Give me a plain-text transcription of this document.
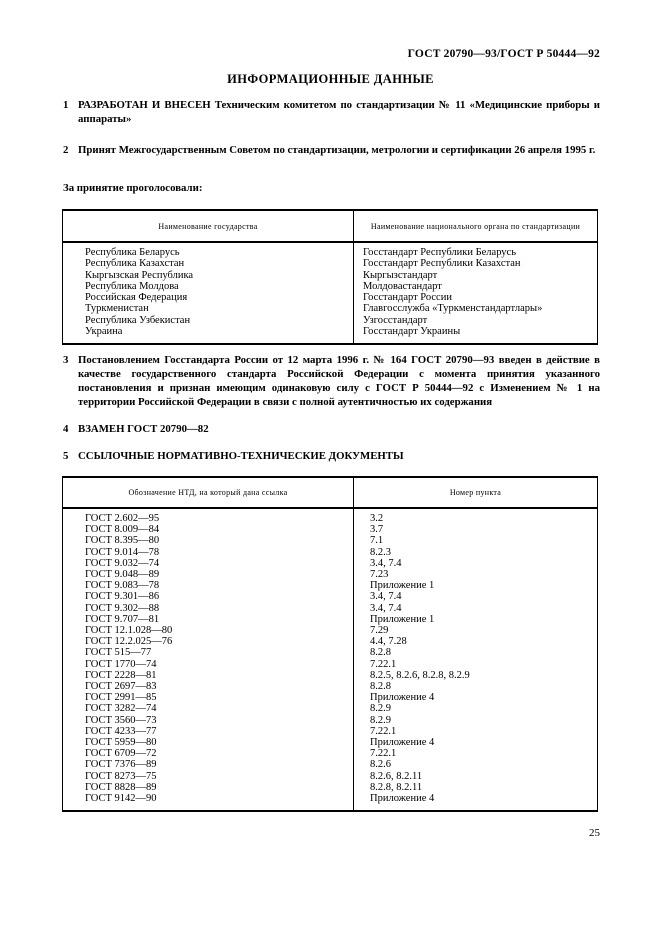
ГОСТ 20790—93/ГОСТ Р 50444—92
ИНФОРМАЦИОННЫЕ ДАННЫЕ
1 РАЗРАБОТАН И ВНЕСЕН Техническим комитетом по стандартизации № 11 «Медицинские приборы и аппараты»
2 Принят Межгосударственным Советом по стандартизации, метрологии и сертификации 26 апреля 1995 г.
За принятие проголосовали:
Наименование государства	Наименование национального органа по стандартизации
Республика Беларусь	Госстандарт Республики Беларусь
Республика Казахстан	Госстандарт Республики Казахстан
Кыргызская Республика	Кыргызстандарт
Республика Молдова	Молдовастандарт
Российская Федерация	Госстандарт России
Туркменистан	Главгосслужба «Туркменстандартлары»
Республика Узбекистан	Узгосстандарт
Украина	Госстандарт Украины
3 Постановлением Госстандарта России от 12 марта 1996 г. № 164 ГОСТ 20790—93 введен в действие в качестве государственного стандарта Российской Федерации с момента принятия указанного постановления и признан имеющим одинаковую силу с ГОСТ Р 50444—92 с Изменением № 1 на территории Российской Федерации в связи с полной аутентичностью их содержания
4 ВЗАМЕН ГОСТ 20790—82
5 ССЫЛОЧНЫЕ НОРМАТИВНО-ТЕХНИЧЕСКИЕ ДОКУМЕНТЫ
Обозначение НТД, на который дана ссылка	Номер пункта
ГОСТ 2.602—95	3.2
ГОСТ 8.009—84	3.7
ГОСТ 8.395—80	7.1
ГОСТ 9.014—78	8.2.3
ГОСТ 9.032—74	3.4, 7.4
ГОСТ 9.048—89	7.23
ГОСТ 9.083—78	Приложение 1
ГОСТ 9.301—86	3.4, 7.4
ГОСТ 9.302—88	3.4, 7.4
ГОСТ 9.707—81	Приложение 1
ГОСТ 12.1.028—80	7.29
ГОСТ 12.2.025—76	4.4, 7.28
ГОСТ 515—77	8.2.8
ГОСТ 1770—74	7.22.1
ГОСТ 2228—81	8.2.5, 8.2.6, 8.2.8, 8.2.9
ГОСТ 2697—83	8.2.8
ГОСТ 2991—85	Приложение 4
ГОСТ 3282—74	8.2.9
ГОСТ 3560—73	8.2.9
ГОСТ 4233—77	7.22.1
ГОСТ 5959—80	Приложение 4
ГОСТ 6709—72	7.22.1
ГОСТ 7376—89	8.2.6
ГОСТ 8273—75	8.2.6, 8.2.11
ГОСТ 8828—89	8.2.8, 8.2.11
ГОСТ 9142—90	Приложение 4
25
